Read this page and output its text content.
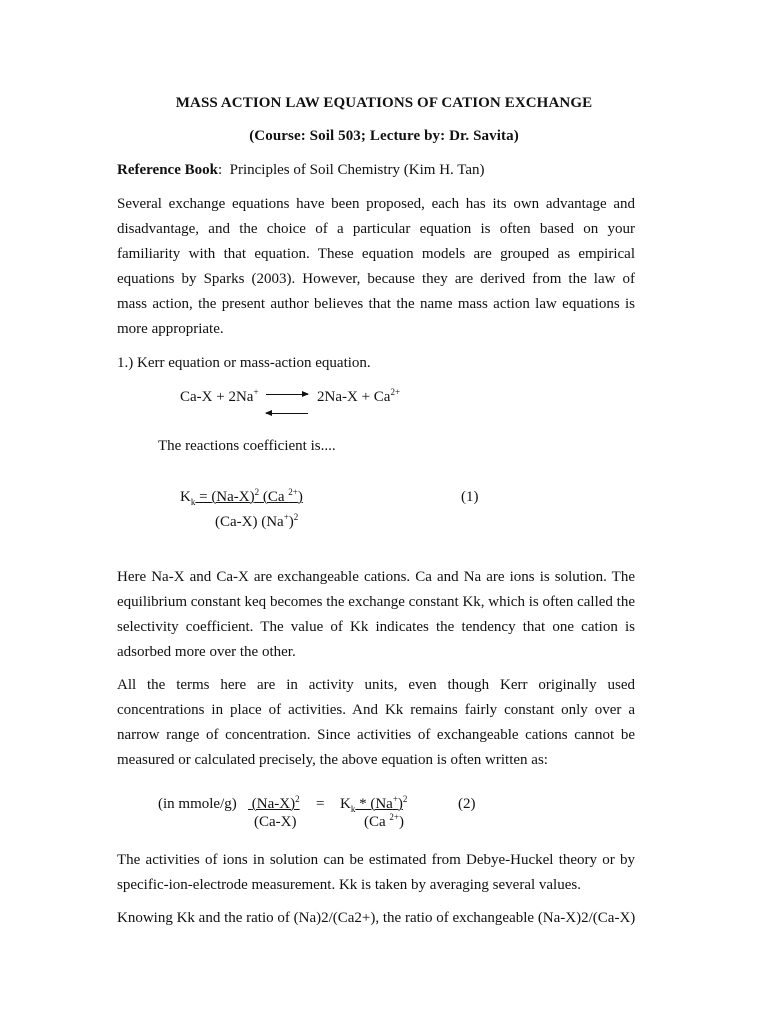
MASS ACTION LAW EQUATIONS OF CATION EXCHANGE
(Course: Soil 503; Lecture by: Dr. Savita)
Reference Book: Principles of Soil Chemistry (Kim H. Tan)
Several exchange equations have been proposed, each has its own advantage and
disadvantage, and the choice of a particular equation is often based on your
familiarity with that equation. These equation models are grouped as empirical
equations by Sparks (2003). However, because they are derived from the law of
mass action, the present author believes that the name mass action law equations is
more appropriate.
1.) Kerr equation or mass-action equation.
Ca-X + 2Na+	$2Na-X + Ca^{2+}$
The reactions coefficient is....
$K_k = (Na-X)^2$ (Ca $^{2+}$)
(Ca-X) $(Na^+)^2$
(1)
Here Na-X and Ca-X are exchangeable cations. Ca and Na are ions is solution. The
equilibrium constant keq becomes the exchange constant Kk, which is often called the
selectivity coefficient. The value of Kk indicates the tendency that one cation is
adsorbed more over the other.
All the terms here are in activity units, even though Kerr originally used
concentrations in place of activities. And Kk remains fairly constant only over a
narrow range of concentration. Since activities of exchangeable cations cannot be
measured or calculated precisely, the above equation is often written as:
(in mmole/g) $(Na-X)^2 = K_k * (Na^+)^2$	(2)
(Ca-X)	(Ca $^{2+}$)
The activities of ions in solution can be estimated from Debye-Huckel theory or by
specific-ion-electrode measurement. Kk is taken by averaging several values.
Knowing Kk and the ratio of (Na)2/(Ca2+), the ratio of exchangeable (Na-X)2/(Ca-X)
